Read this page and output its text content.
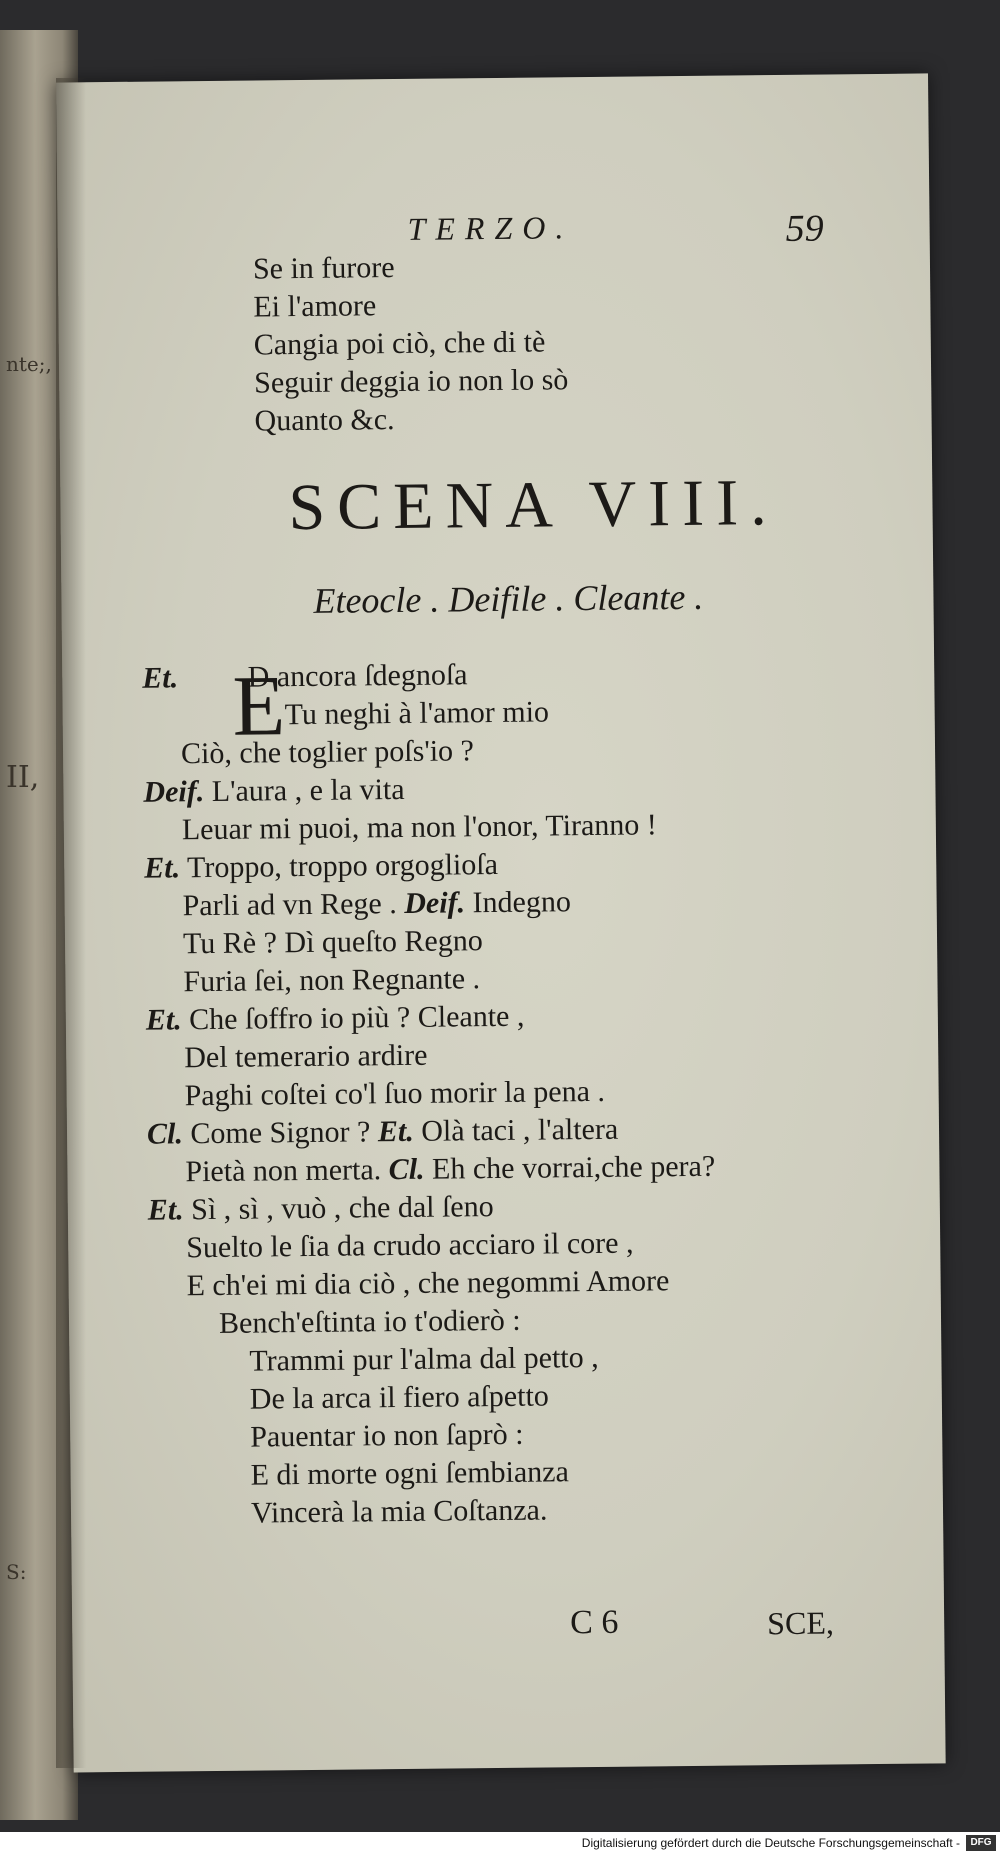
nte;,
II,
S:
TERZO.	59
Se in furore
Ei l'amore
Cangia poi ciò, che di tè
Seguir deggia io non lo sò
Quanto &c.
SCENA VIII.
Eteocle . Deifile . Cleante .
E
Et. D ancora ſdegnoſa
Tu neghi à l'amor mio
Ciò, che toglier poſs'io ?
Deif. L'aura , e la vita
Leuar mi puoi, ma non l'onor, Tiranno !
Et. Troppo, troppo orgoglioſa
Parli ad vn Rege . Deif. Indegno
Tu Rè ? Dì queſto Regno
Furia ſei, non Regnante .
Et. Che ſoffro io più ? Cleante ,
Del temerario ardire
Paghi coſtei co'l ſuo morir la pena .
Cl. Come Signor ? Et. Olà taci , l'altera
Pietà non merta. Cl. Eh che vorrai,che pera?
Et. Sì , sì , vuò , che dal ſeno
Suelto le ſia da crudo acciaro il core ,
E ch'ei mi dia ciò , che negommi Amore
Bench'eſtinta io t'odierò :
Trammi pur l'alma dal petto ,
De la arca il fiero aſpetto
Pauentar io non ſaprò :
E di morte ogni ſembianza
Vincerà la mia Coſtanza.
C 6	SCE,
Digitalisierung gefördert durch die Deutsche Forschungsgemeinschaft -	DFG
